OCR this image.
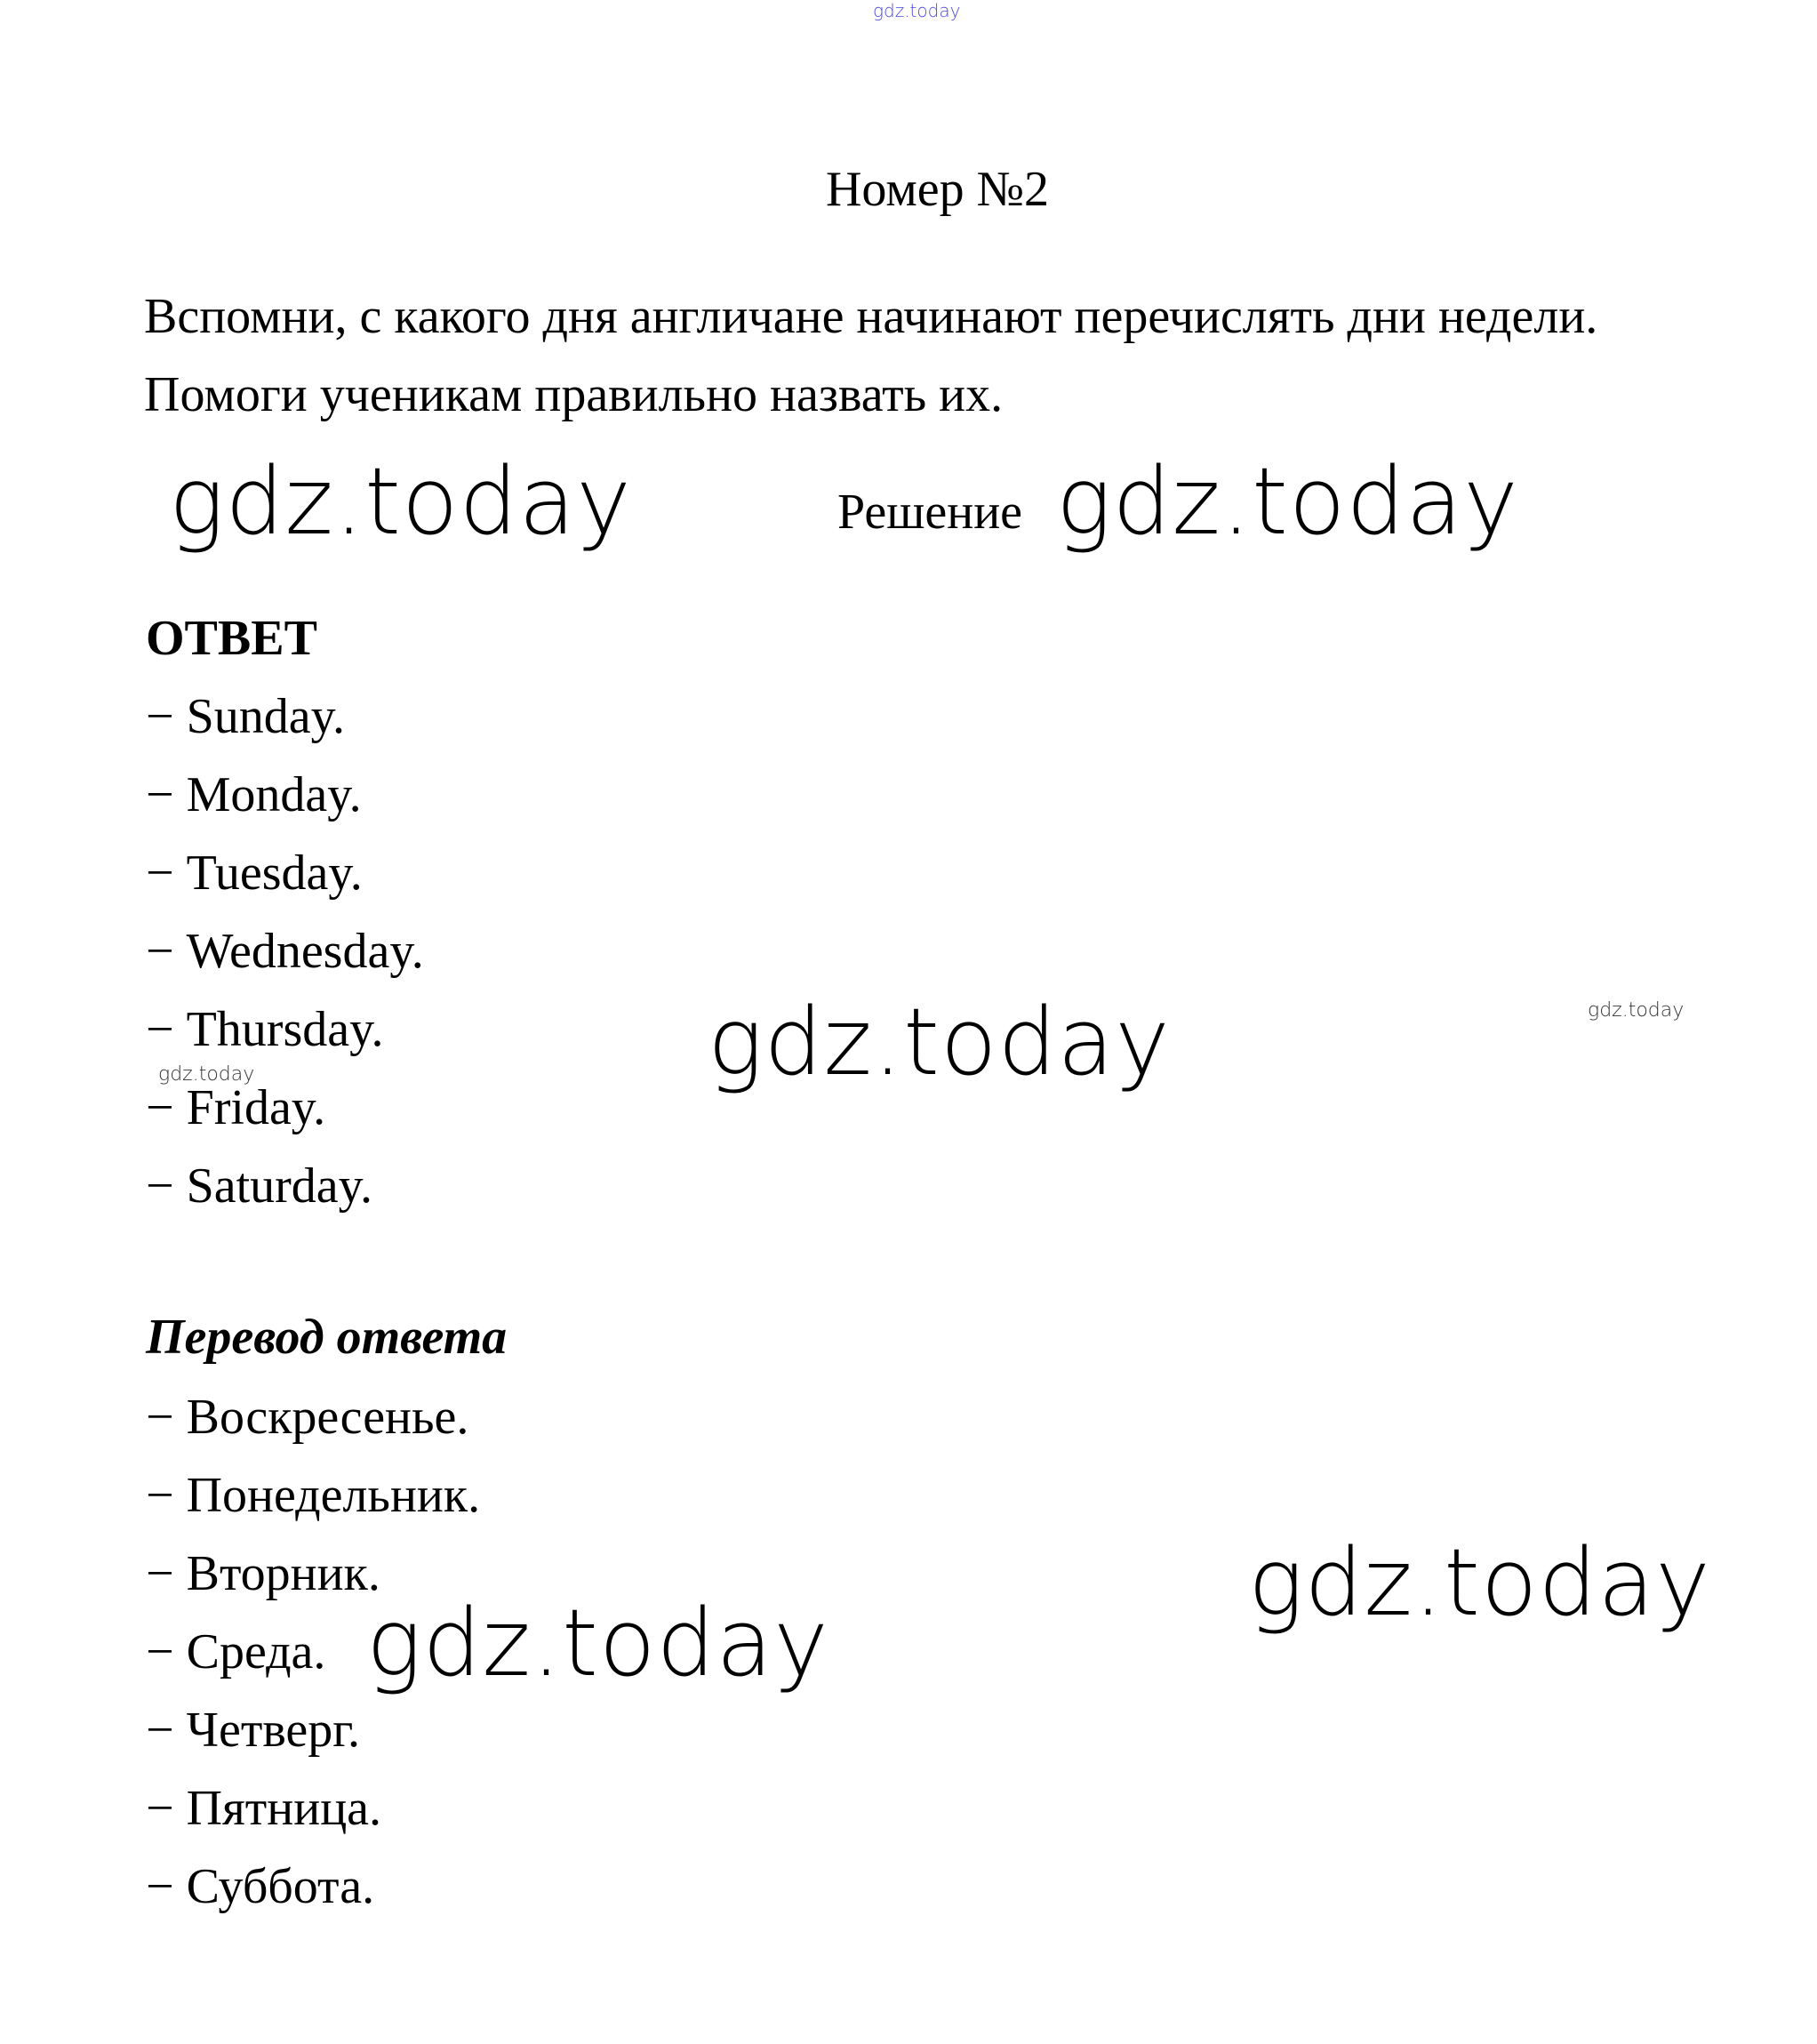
gdz.today
Номер №2
Вспомни, с какого дня англичане начинают перечислять дни недели.
Помоги ученикам правильно назвать их.
gdz.today	Решение gdz.today
ОТВЕТ
− Sunday.
− Monday.
− Tuesday.
− Wednesday.
− Thursday.
− Friday.
− Saturday.
gdz.today	gdz.today
gdz.today
Перевод ответа
− Воскресенье.
− Понедельник.
− Вторник.
− Среда.
− Четверг.
− Пятница.
− Суббота.
gdz.today
gdz.today
